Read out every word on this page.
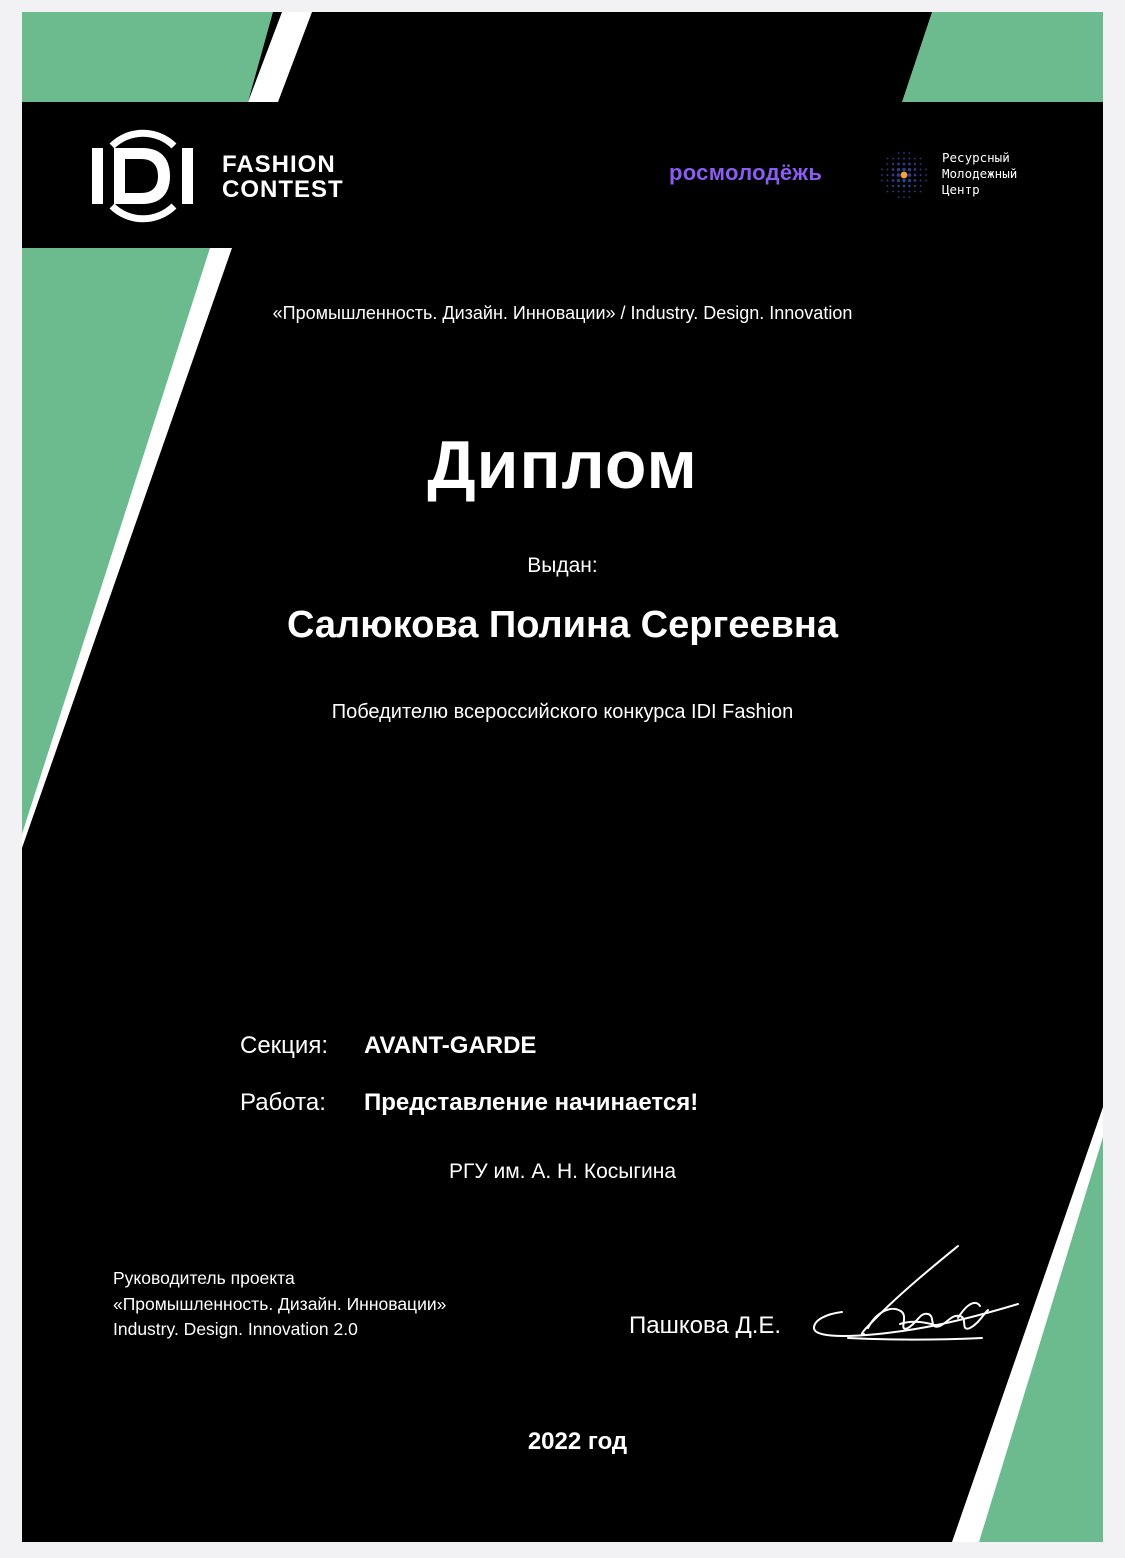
FASHION
CONTEST
росмолодёжь
Ресурсный
Молодежный
Центр
«Промышленность. Дизайн. Инновации» / Industry. Design. Innovation
Диплом
Выдан:
Салюкова Полина Сергеевна
Победителю всероссийского конкурса IDI Fashion
Секция: AVANT-GARDE
Работа: Представление начинается!
РГУ им. А. Н. Косыгина
Руководитель проекта
«Промышленность. Дизайн. Инновации»
Industry. Design. Innovation 2.0	Пашкова Д.Е.
2022 год
